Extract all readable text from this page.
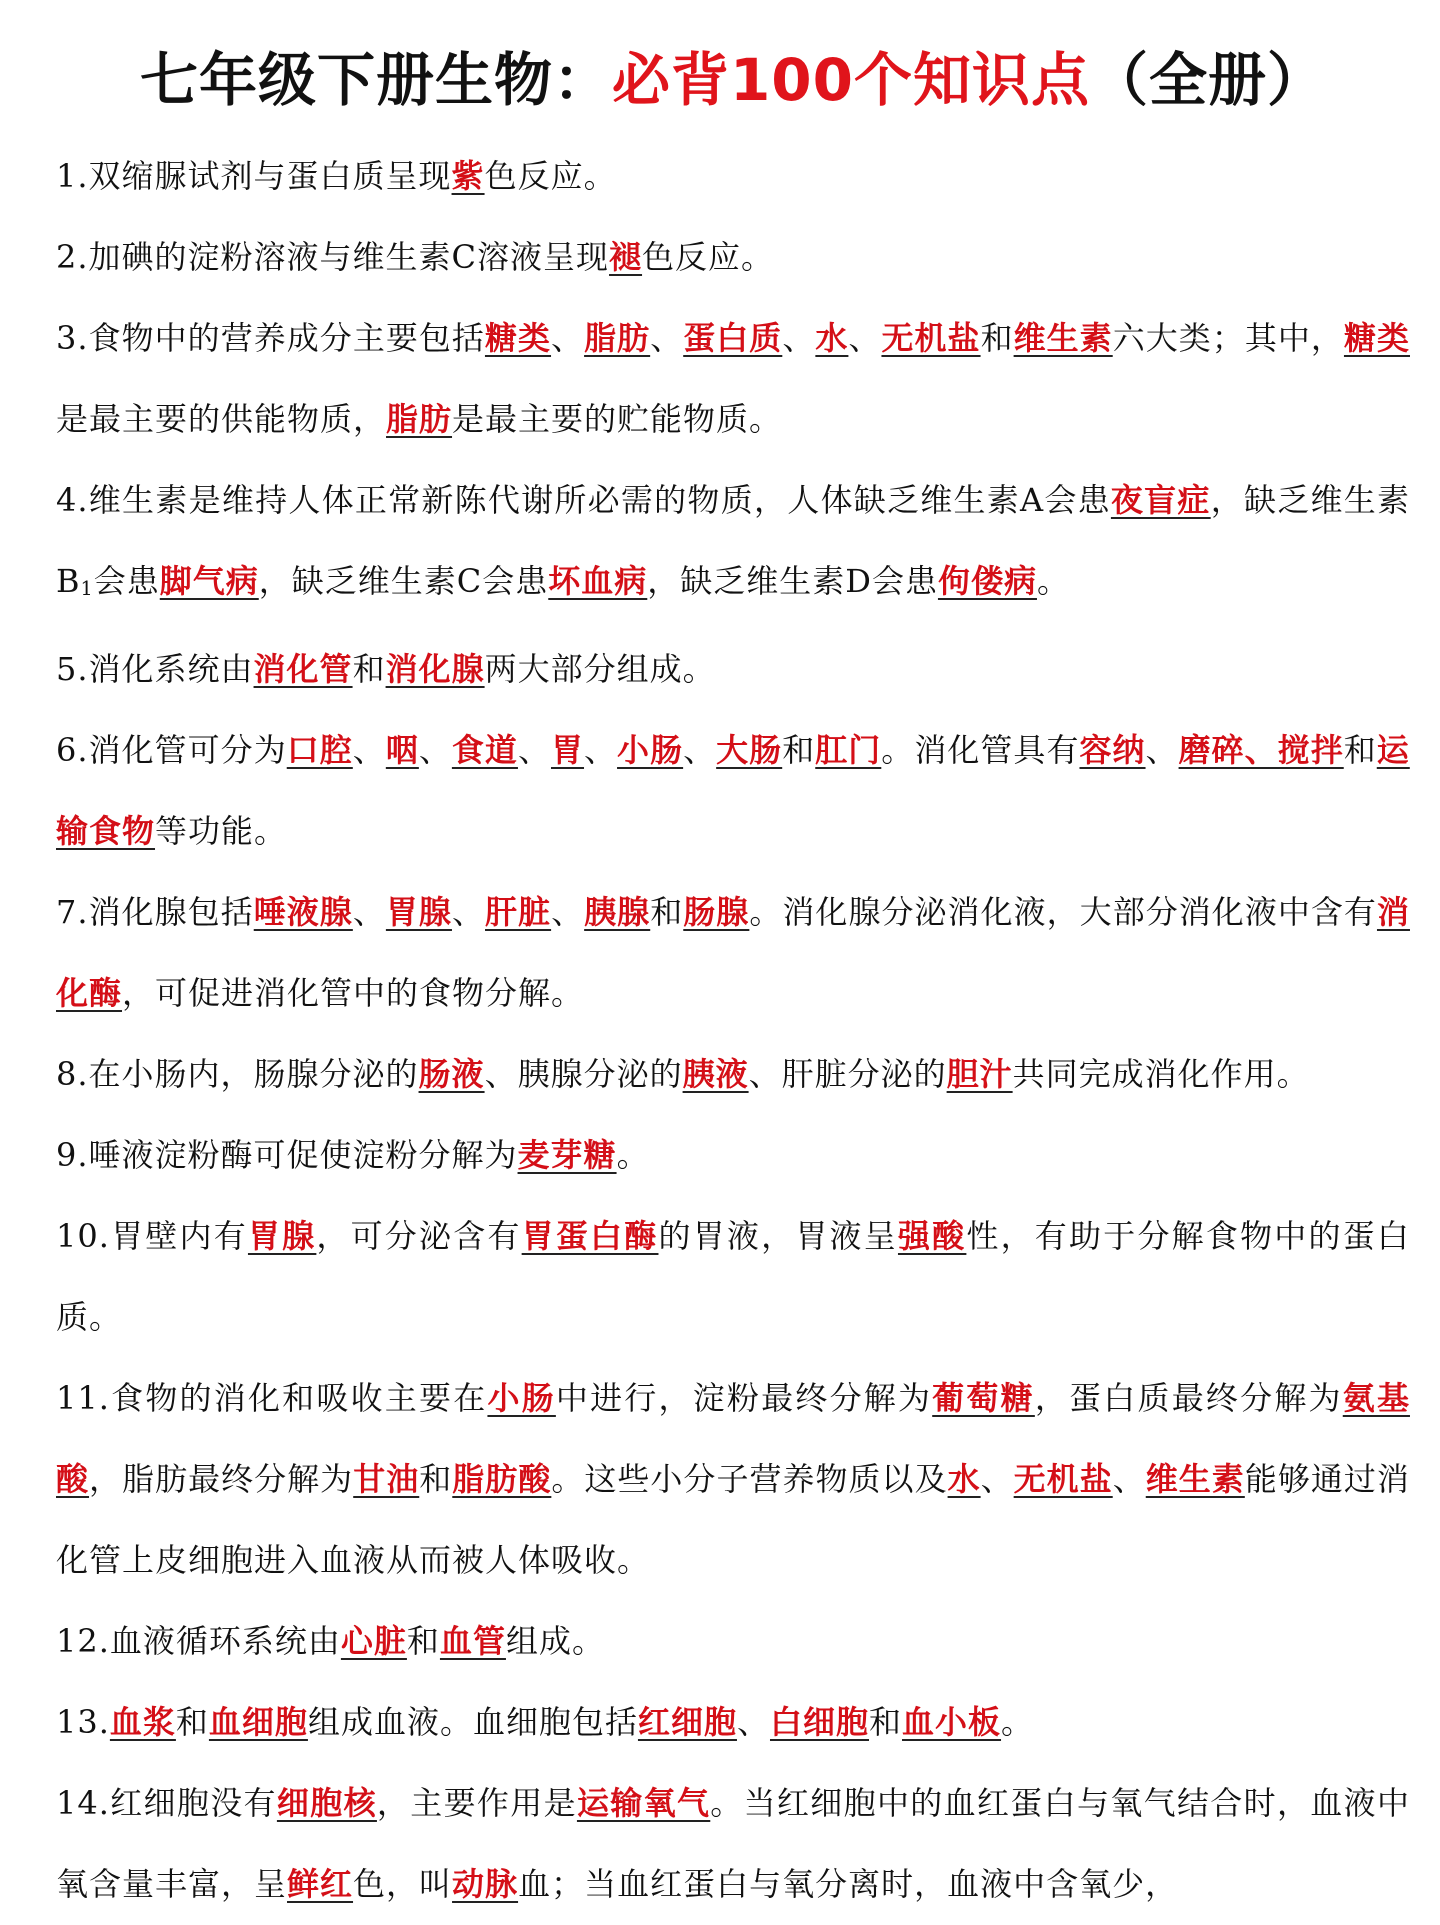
七年级下册生物：必背100个知识点（全册）

1.双缩脲试剂与蛋白质呈现紫色反应。

2.加碘的淀粉溶液与维生素C溶液呈现褪色反应。

3.食物中的营养成分主要包括糖类、脂肪、蛋白质、水、无机盐和维生素六大类；其中，糖类是最主要的供能物质，脂肪是最主要的贮能物质。

4.维生素是维持人体正常新陈代谢所必需的物质，人体缺乏维生素A会患夜盲症，缺乏维生素$B_1$会患脚气病，缺乏维生素C会患坏血病，缺乏维生素D会患佝偻病。

5.消化系统由消化管和消化腺两大部分组成。

6.消化管可分为口腔、咽、食道、胃、小肠、大肠和肛门。消化管具有容纳、磨碎、搅拌和运输食物等功能。

7.消化腺包括唾液腺、胃腺、肝脏、胰腺和肠腺。消化腺分泌消化液，大部分消化液中含有消化酶，可促进消化管中的食物分解。

8.在小肠内，肠腺分泌的肠液、胰腺分泌的胰液、肝脏分泌的胆汁共同完成消化作用。

9.唾液淀粉酶可促使淀粉分解为麦芽糖。

10.胃壁内有胃腺，可分泌含有胃蛋白酶的胃液，胃液呈强酸性，有助于分解食物中的蛋白质。

11.食物的消化和吸收主要在小肠中进行，淀粉最终分解为葡萄糖，蛋白质最终分解为氨基酸，脂肪最终分解为甘油和脂肪酸。这些小分子营养物质以及水、无机盐、维生素能够通过消化管上皮细胞进入血液从而被人体吸收。

12.血液循环系统由心脏和血管组成。

13.血浆和血细胞组成血液。血细胞包括红细胞、白细胞和血小板。

14.红细胞没有细胞核，主要作用是运输氧气。当红细胞中的血红蛋白与氧气结合时，血液中氧含量丰富，呈鲜红色，叫动脉血；当血红蛋白与氧分离时，血液中含氧少，
